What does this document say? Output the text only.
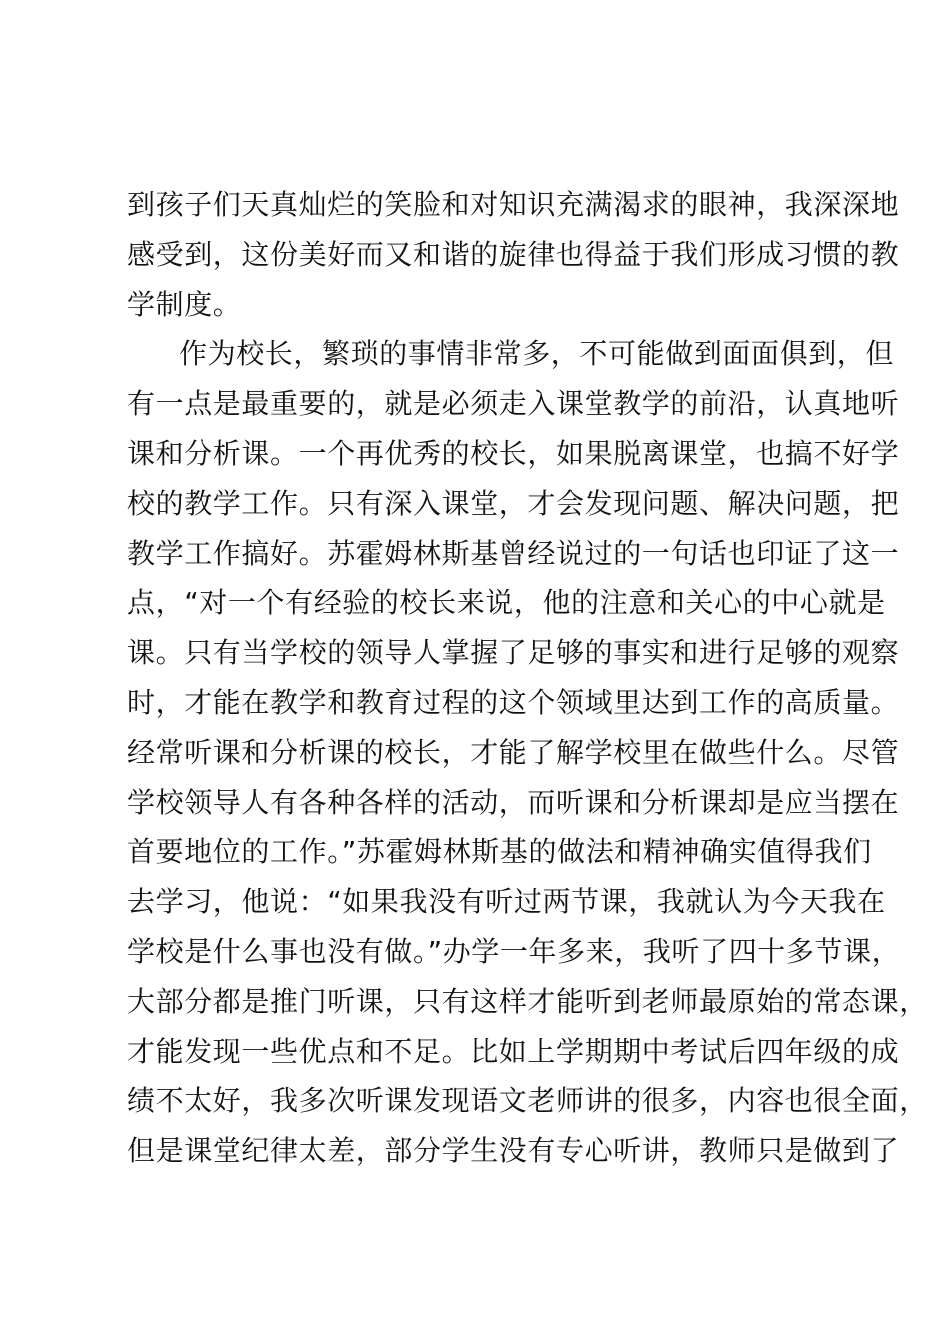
到孩子们天真灿烂的笑脸和对知识充满渴求的眼神，我深深地
感受到，这份美好而又和谐的旋律也得益于我们形成习惯的教
学制度。
作为校长，繁琐的事情非常多，不可能做到面面俱到，但
有一点是最重要的，就是必须走入课堂教学的前沿，认真地听
课和分析课。一个再优秀的校长，如果脱离课堂，也搞不好学
校的教学工作。只有深入课堂，才会发现问题、解决问题，把
教学工作搞好。苏霍姆林斯基曾经说过的一句话也印证了这一
点，“对一个有经验的校长来说，他的注意和关心的中心就是
课。只有当学校的领导人掌握了足够的事实和进行足够的观察
时，才能在教学和教育过程的这个领域里达到工作的高质量。
经常听课和分析课的校长，才能了解学校里在做些什么。尽管
学校领导人有各种各样的活动，而听课和分析课却是应当摆在
首要地位的工作。”苏霍姆林斯基的做法和精神确实值得我们
去学习，他说：“如果我没有听过两节课，我就认为今天我在
学校是什么事也没有做。”办学一年多来，我听了四十多节课，
大部分都是推门听课，只有这样才能听到老师最原始的常态课，
才能发现一些优点和不足。比如上学期期中考试后四年级的成
绩不太好，我多次听课发现语文老师讲的很多，内容也很全面，
但是课堂纪律太差，部分学生没有专心听讲，教师只是做到了
